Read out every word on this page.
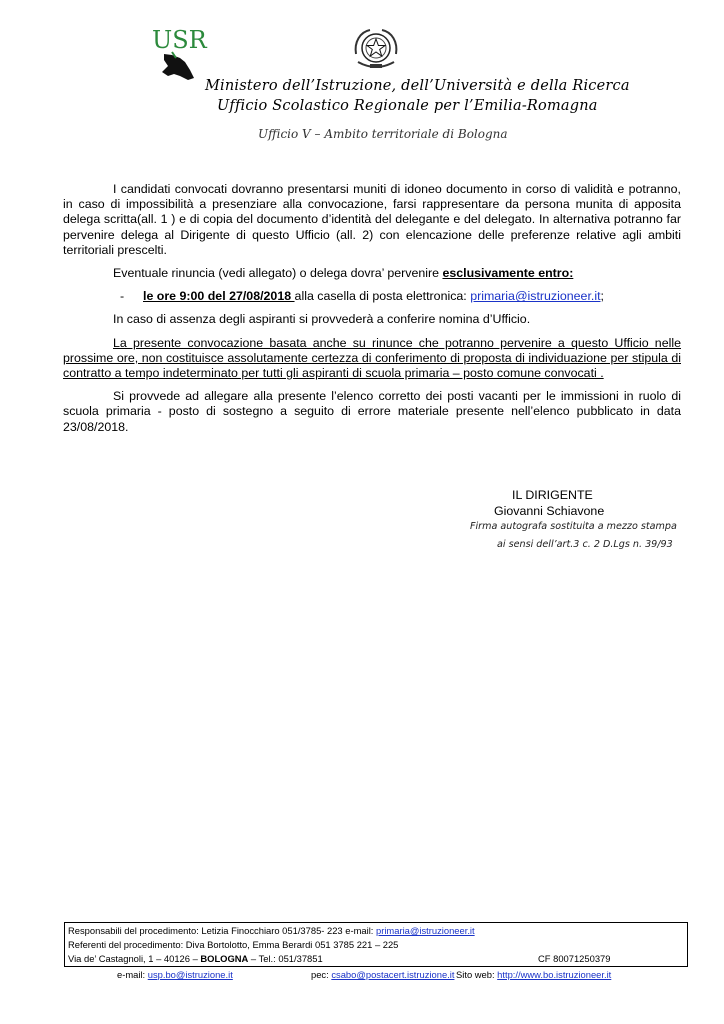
USR
Ministero dell’Istruzione, dell’Università e della Ricerca
Ufficio Scolastico Regionale per l’Emilia-Romagna
Ufficio V – Ambito territoriale di Bologna

I candidati convocati dovranno presentarsi muniti di idoneo documento in corso di validità e potranno, in caso di impossibilità a presenziare alla convocazione, farsi rappresentare da persona munita di apposita delega scritta(all. 1 ) e di copia del documento d’identità del delegante e del delegato. In alternativa potranno far pervenire delega al Dirigente di questo Ufficio (all. 2) con elencazione delle preferenze relative agli ambiti territoriali prescelti.

Eventuale rinuncia (vedi allegato) o delega dovra’ pervenire esclusivamente entro:

- le ore 9:00 del 27/08/2018 alla casella di posta elettronica: primaria@istruzioneer.it;

In caso di assenza degli aspiranti si provvederà a conferire nomina d’Ufficio.

La presente convocazione basata anche su rinunce che potranno pervenire a questo Ufficio nelle prossime ore, non costituisce assolutamente certezza di conferimento di proposta di individuazione per stipula di contratto a tempo indeterminato per tutti gli aspiranti di scuola primaria – posto comune convocati .

Si provvede ad allegare alla presente l’elenco corretto dei posti vacanti per le immissioni in ruolo di scuola primaria - posto di sostegno a seguito di errore materiale presente nell’elenco pubblicato in data 23/08/2018.

IL DIRIGENTE
Giovanni Schiavone
Firma autografa sostituita a mezzo stampa
ai sensi dell’art.3 c. 2 D.Lgs n. 39/93
Responsabili del procedimento: Letizia Finocchiaro 051/3785- 223 e-mail: primaria@istruzioneer.it
Referenti del procedimento: Diva Bortolotto, Emma Berardi 051 3785 221 – 225
Via de’ Castagnoli, 1 – 40126 – BOLOGNA – Tel.: 051/37851	CF 80071250379
e-mail: usp.bo@istruzione.it	pec: csabo@postacert.istruzione.it Sito web: http://www.bo.istruzioneer.it
